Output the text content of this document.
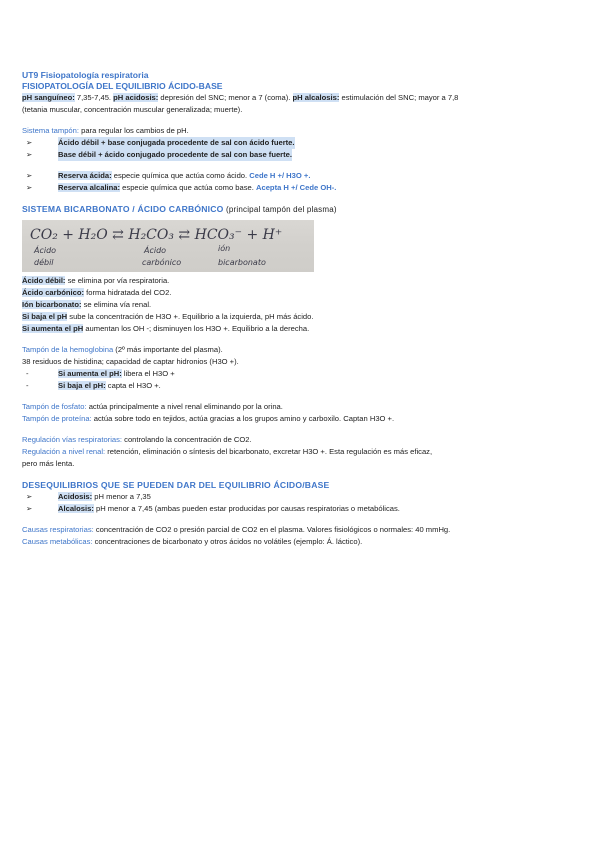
UT9 Fisiopatología respiratoria
FISIOPATOLOGÍA DEL EQUILIBRIO ÁCIDO-BASE
pH sanguíneo: 7,35-7,45. pH acidosis: depresión del SNC; menor a 7 (coma). pH alcalosis: estimulación del SNC; mayor a 7,8
(tetania muscular, concentración muscular generalizada; muerte).
Sistema tampón: para regular los cambios de pH.
➢	Ácido débil + base conjugada procedente de sal con ácido fuerte.
➢	Base débil + ácido conjugado procedente de sal con base fuerte.
➢	Reserva ácida: especie química que actúa como ácido. Cede H +/ H3O +.
➢	Reserva alcalina: especie química que actúa como base. Acepta H +/ Cede OH-.
SISTEMA BICARBONATO / ÁCIDO CARBÓNICO (principal tampón del plasma)
CO₂ + H₂O ⇄ H₂CO₃ ⇄ HCO₃⁻ + H⁺
Ácido
débil
Ácido
carbónico
ión
bicarbonato
Ácido débil: se elimina por vía respiratoria.
Ácido carbónico: forma hidratada del CO2.
Ión bicarbonato: se elimina vía renal.
Si baja el pH sube la concentración de H3O +. Equilibrio a la izquierda, pH más ácido.
Si aumenta el pH aumentan los OH -; disminuyen los H3O +. Equilibrio a la derecha.
Tampón de la hemoglobina (2º más importante del plasma).
38 residuos de histidina; capacidad de captar hidronios (H3O +).
-	Si aumenta el pH: libera el H3O +
-	Si baja el pH: capta el H3O +.
Tampón de fosfato: actúa principalmente a nivel renal eliminando por la orina.
Tampón de proteína: actúa sobre todo en tejidos, actúa gracias a los grupos amino y carboxilo. Captan H3O +.
Regulación vías respiratorias: controlando la concentración de CO2.
Regulación a nivel renal: retención, eliminación o síntesis del bicarbonato, excretar H3O +. Esta regulación es más eficaz,
pero más lenta.
DESEQUILIBRIOS QUE SE PUEDEN DAR DEL EQUILIBRIO ÁCIDO/BASE
➢	Acidosis: pH menor a 7,35
➢	Alcalosis: pH menor a 7,45 (ambas pueden estar producidas por causas respiratorias o metabólicas.
Causas respiratorias: concentración de CO2 o presión parcial de CO2 en el plasma. Valores fisiológicos o normales: 40 mmHg.
Causas metabólicas: concentraciones de bicarbonato y otros ácidos no volátiles (ejemplo: Á. láctico).
